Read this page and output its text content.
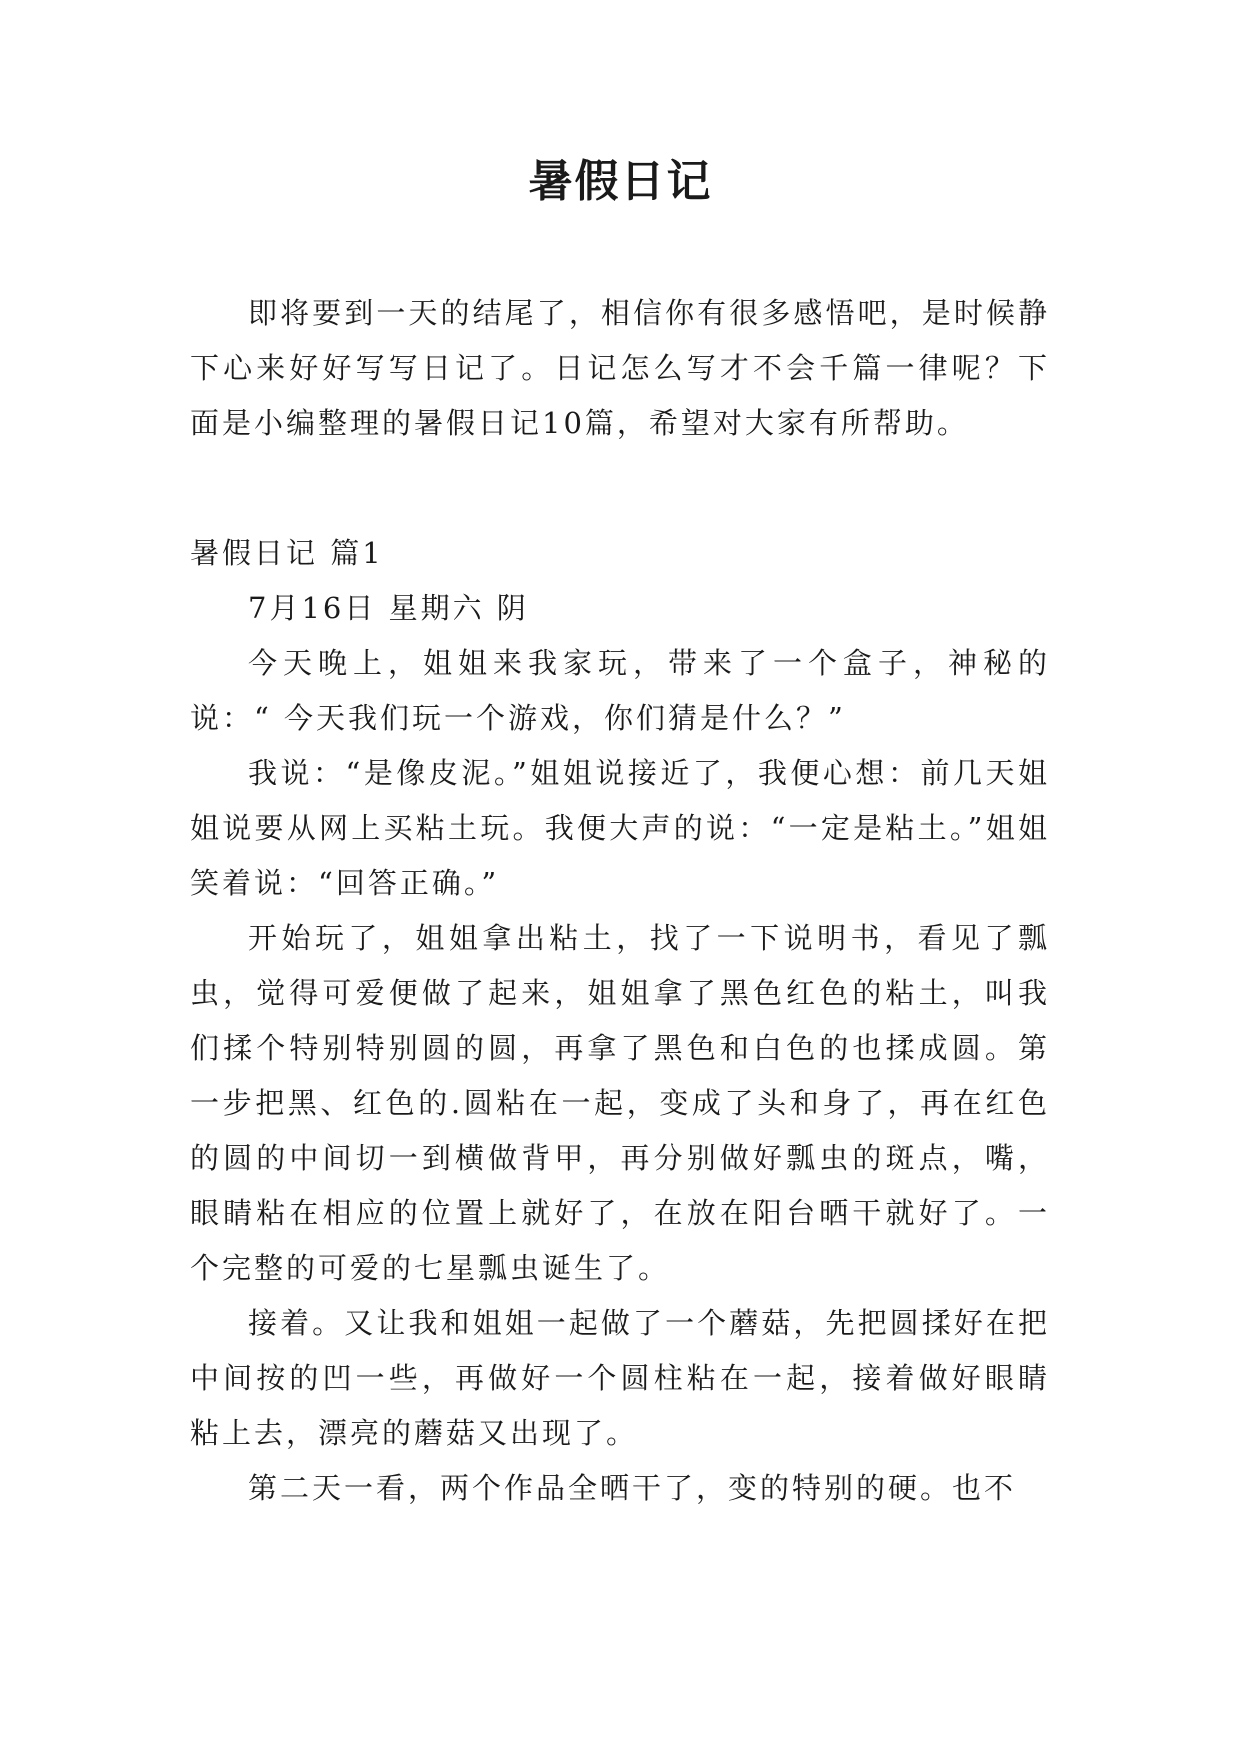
暑假日记

即将要到一天的结尾了，相信你有很多感悟吧，是时候静下心来好好写写日记了。日记怎么写才不会千篇一律呢？下面是小编整理的暑假日记10篇，希望对大家有所帮助。

暑假日记 篇1

7月16日 星期六 阴

今天晚上，姐姐来我家玩，带来了一个盒子，神秘的说：“ 今天我们玩一个游戏，你们猜是什么？”

我说：“是像皮泥。”姐姐说接近了，我便心想：前几天姐姐说要从网上买粘土玩。我便大声的说：“一定是粘土。”姐姐笑着说：“回答正确。”

开始玩了，姐姐拿出粘土，找了一下说明书，看见了瓢虫，觉得可爱便做了起来，姐姐拿了黑色红色的粘土，叫我们揉个特别特别圆的圆，再拿了黑色和白色的也揉成圆。第一步把黑、红色的.圆粘在一起，变成了头和身了，再在红色的圆的中间切一到横做背甲，再分别做好瓢虫的斑点，嘴，眼睛粘在相应的位置上就好了，在放在阳台晒干就好了。一个完整的可爱的七星瓢虫诞生了。

接着。又让我和姐姐一起做了一个蘑菇，先把圆揉好在把中间按的凹一些，再做好一个圆柱粘在一起，接着做好眼睛粘上去，漂亮的蘑菇又出现了。

第二天一看，两个作品全晒干了，变的特别的硬。也不
